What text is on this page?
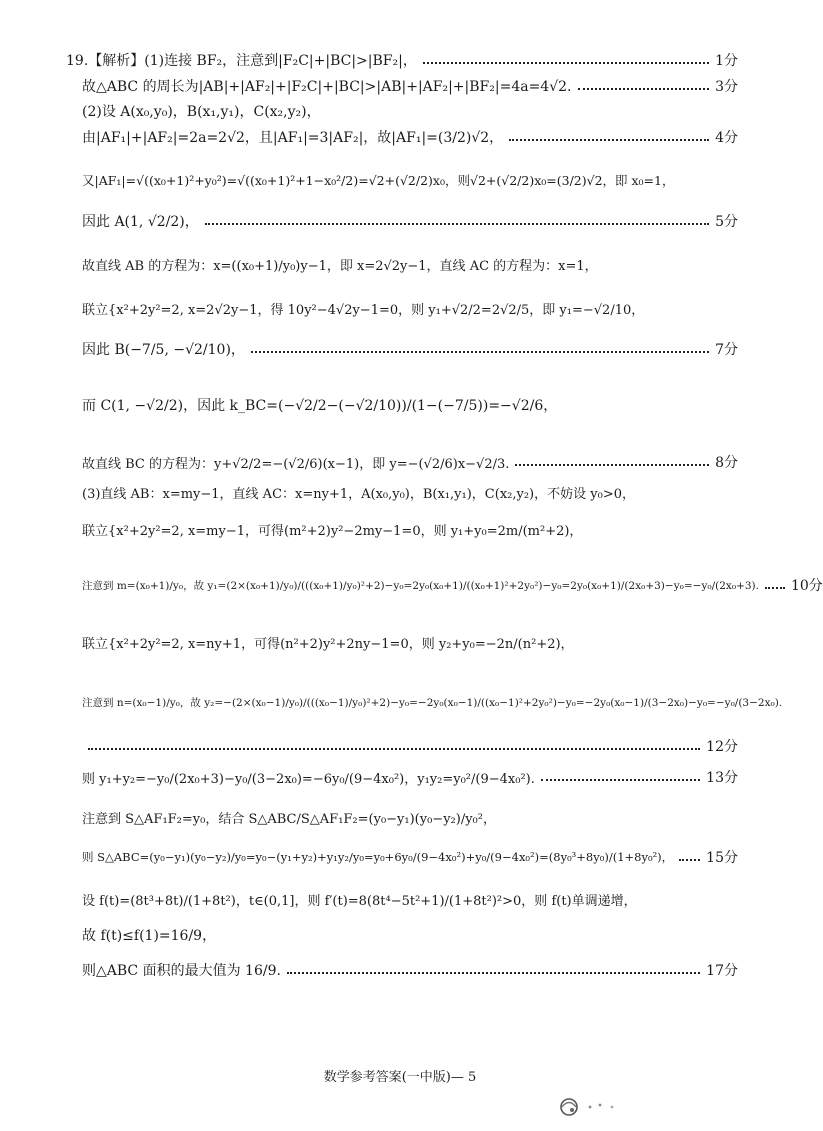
19.【解析】(1)连接 BF₂，注意到|F₂C|+|BC|>|BF₂|，	1分
故△ABC 的周长为|AB|+|AF₂|+|F₂C|+|BC|>|AB|+|AF₂|+|BF₂|=4a=4√2.	3分
(2)设 A(x₀,y₀)，B(x₁,y₁)，C(x₂,y₂)，
由|AF₁|+|AF₂|=2a=2√2，且|AF₁|=3|AF₂|，故|AF₁|=(3/2)√2，	4分
又|AF₁|=√((x₀+1)²+y₀²)=√((x₀+1)²+1−x₀²/2)=√2+(√2/2)x₀，则√2+(√2/2)x₀=(3/2)√2，即 x₀=1，
因此 A(1, √2/2)，	5分
故直线 AB 的方程为：x=((x₀+1)/y₀)y−1，即 x=2√2y−1，直线 AC 的方程为：x=1，
联立{x²+2y²=2, x=2√2y−1，得 10y²−4√2y−1=0，则 y₁+√2/2=2√2/5，即 y₁=−√2/10，
因此 B(−7/5, −√2/10)，	7分
而 C(1, −√2/2)，因此 k_BC=(−√2/2−(−√2/10))/(1−(−7/5))=−√2/6，
故直线 BC 的方程为：y+√2/2=−(√2/6)(x−1)，即 y=−(√2/6)x−√2/3.	8分
(3)直线 AB：x=my−1，直线 AC：x=ny+1，A(x₀,y₀)，B(x₁,y₁)，C(x₂,y₂)，不妨设 y₀>0，
联立{x²+2y²=2, x=my−1，可得(m²+2)y²−2my−1=0，则 y₁+y₀=2m/(m²+2)，
注意到 m=(x₀+1)/y₀，故 y₁=(2×(x₀+1)/y₀)/(((x₀+1)/y₀)²+2)−y₀=2y₀(x₀+1)/((x₀+1)²+2y₀²)−y₀=2y₀(x₀+1)/(2x₀+3)−y₀=−y₀/(2x₀+3). 10分
联立{x²+2y²=2, x=ny+1，可得(n²+2)y²+2ny−1=0，则 y₂+y₀=−2n/(n²+2)，
注意到 n=(x₀−1)/y₀，故 y₂=−(2×(x₀−1)/y₀)/(((x₀−1)/y₀)²+2)−y₀=−2y₀(x₀−1)/((x₀−1)²+2y₀²)−y₀=−2y₀(x₀−1)/(3−2x₀)−y₀=−y₀/(3−2x₀).
12分
则 y₁+y₂=−y₀/(2x₀+3)−y₀/(3−2x₀)=−6y₀/(9−4x₀²)，y₁y₂=y₀²/(9−4x₀²).	13分
注意到 S△AF₁F₂=y₀，结合 S△ABC/S△AF₁F₂=(y₀−y₁)(y₀−y₂)/y₀²，
则 S△ABC=(y₀−y₁)(y₀−y₂)/y₀=y₀−(y₁+y₂)+y₁y₂/y₀=y₀+6y₀/(9−4x₀²)+y₀/(9−4x₀²)=(8y₀³+8y₀)/(1+8y₀²)， 15分
设 f(t)=(8t³+8t)/(1+8t²)，t∈(0,1]，则 f′(t)=8(8t⁴−5t²+1)/(1+8t²)²>0，则 f(t)单调递增，
故 f(t)≤f(1)=16/9，
则△ABC 面积的最大值为 16/9.	17分
数学参考答案(一中版)— 5
